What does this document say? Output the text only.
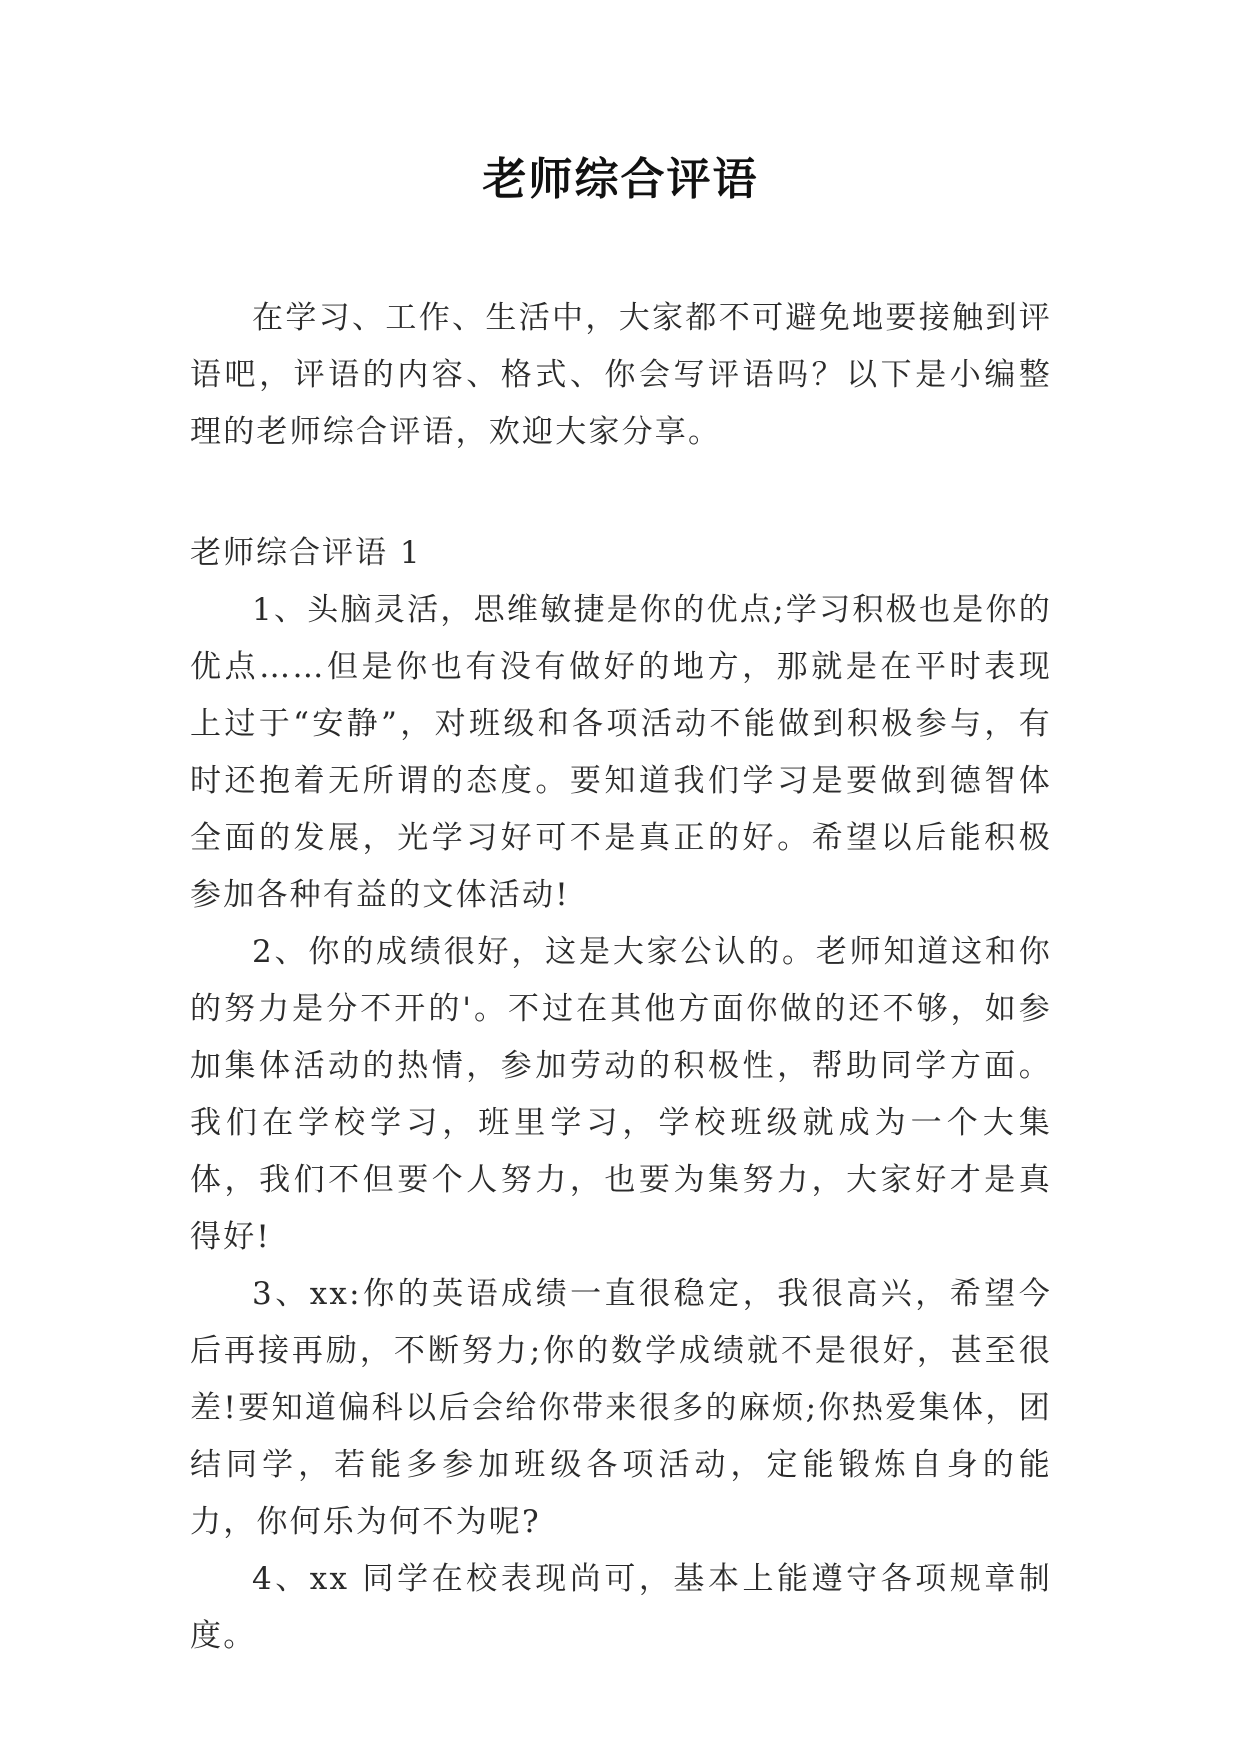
老师综合评语

在学习、工作、生活中，大家都不可避免地要接触到评语吧，评语的内容、格式、你会写评语吗？以下是小编整理的老师综合评语，欢迎大家分享。

老师综合评语 1

1、头脑灵活，思维敏捷是你的优点;学习积极也是你的优点……但是你也有没有做好的地方，那就是在平时表现上过于“安静”，对班级和各项活动不能做到积极参与，有时还抱着无所谓的态度。要知道我们学习是要做到德智体全面的发展，光学习好可不是真正的好。希望以后能积极参加各种有益的文体活动!

2、你的成绩很好，这是大家公认的。老师知道这和你的努力是分不开的'。不过在其他方面你做的还不够，如参加集体活动的热情，参加劳动的积极性，帮助同学方面。我们在学校学习，班里学习，学校班级就成为一个大集体，我们不但要个人努力，也要为集努力，大家好才是真得好!

3、xx:你的英语成绩一直很稳定，我很高兴，希望今后再接再励，不断努力;你的数学成绩就不是很好，甚至很差!要知道偏科以后会给你带来很多的麻烦;你热爱集体，团结同学，若能多参加班级各项活动，定能锻炼自身的能力，你何乐为何不为呢?

4、xx 同学在校表现尚可，基本上能遵守各项规章制度。
